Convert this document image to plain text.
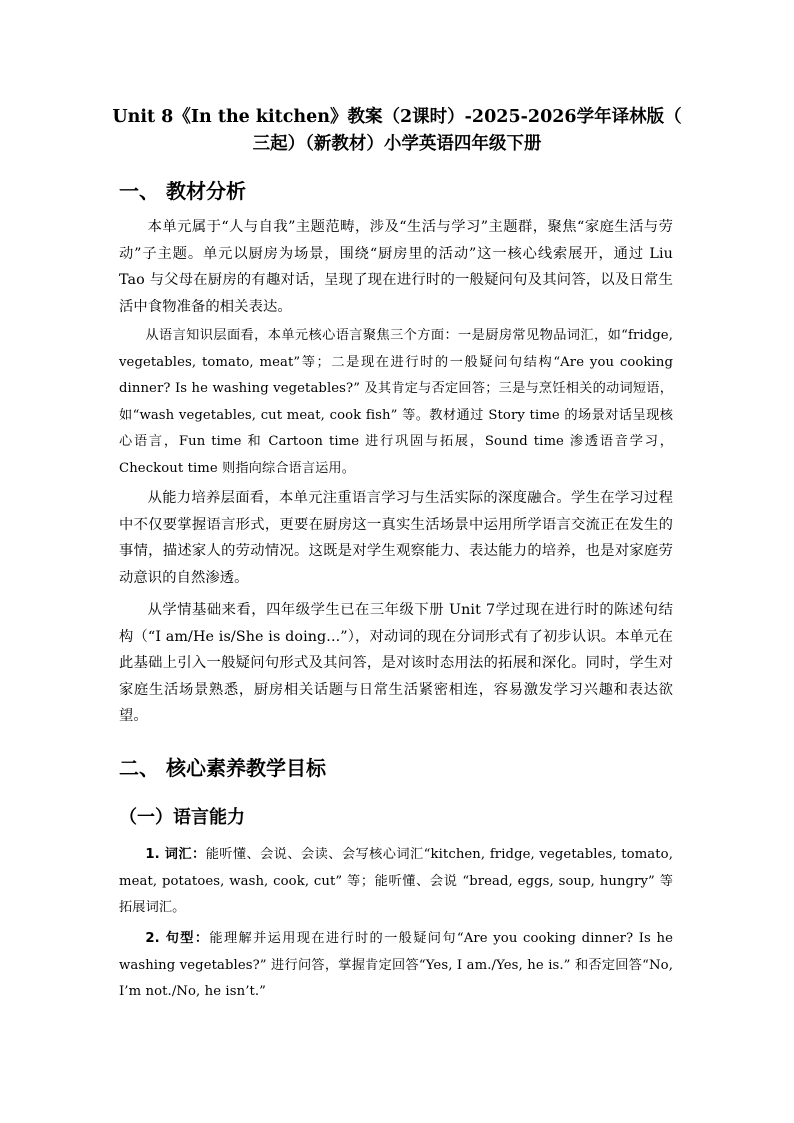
Unit 8《In the kitchen》教案（2课时）-2025-2026学年译林版（
三起）（新教材）小学英语四年级下册
一、 教材分析

本单元属于“人与自我”主题范畴，涉及“生活与学习”主题群，聚焦“家庭生活与劳动”子主题。单元以厨房为场景，围绕“厨房里的活动”这一核心线索展开，通过 Liu Tao 与父母在厨房的有趣对话，呈现了现在进行时的一般疑问句及其问答，以及日常生活中食物准备的相关表达。

从语言知识层面看，本单元核心语言聚焦三个方面：一是厨房常见物品词汇，如“fridge, vegetables, tomato, meat”等；二是现在进行时的一般疑问句结构“Are you cooking dinner? Is he washing vegetables?” 及其肯定与否定回答；三是与烹饪相关的动词短语，如“wash vegetables, cut meat, cook fish” 等。教材通过 Story time 的场景对话呈现核心语言，Fun time 和 Cartoon time 进行巩固与拓展，Sound time 渗透语音学习，Checkout time 则指向综合语言运用。

从能力培养层面看，本单元注重语言学习与生活实际的深度融合。学生在学习过程中不仅要掌握语言形式，更要在厨房这一真实生活场景中运用所学语言交流正在发生的事情，描述家人的劳动情况。这既是对学生观察能力、表达能力的培养，也是对家庭劳动意识的自然渗透。

从学情基础来看，四年级学生已在三年级下册 Unit 7学过现在进行时的陈述句结构（“I am/He is/She is doing...”），对动词的现在分词形式有了初步认识。本单元在此基础上引入一般疑问句形式及其问答，是对该时态用法的拓展和深化。同时，学生对家庭生活场景熟悉，厨房相关话题与日常生活紧密相连，容易激发学习兴趣和表达欲望。

二、 核心素养教学目标
（一）语言能力

1. 词汇：能听懂、会说、会读、会写核心词汇“kitchen, fridge, vegetables, tomato, meat, potatoes, wash, cook, cut” 等；能听懂、会说 “bread, eggs, soup, hungry” 等拓展词汇。

2. 句型：能理解并运用现在进行时的一般疑问句“Are you cooking dinner? Is he washing vegetables?” 进行问答，掌握肯定回答“Yes, I am./Yes, he is.” 和否定回答“No, I’m not./No, he isn’t.”
